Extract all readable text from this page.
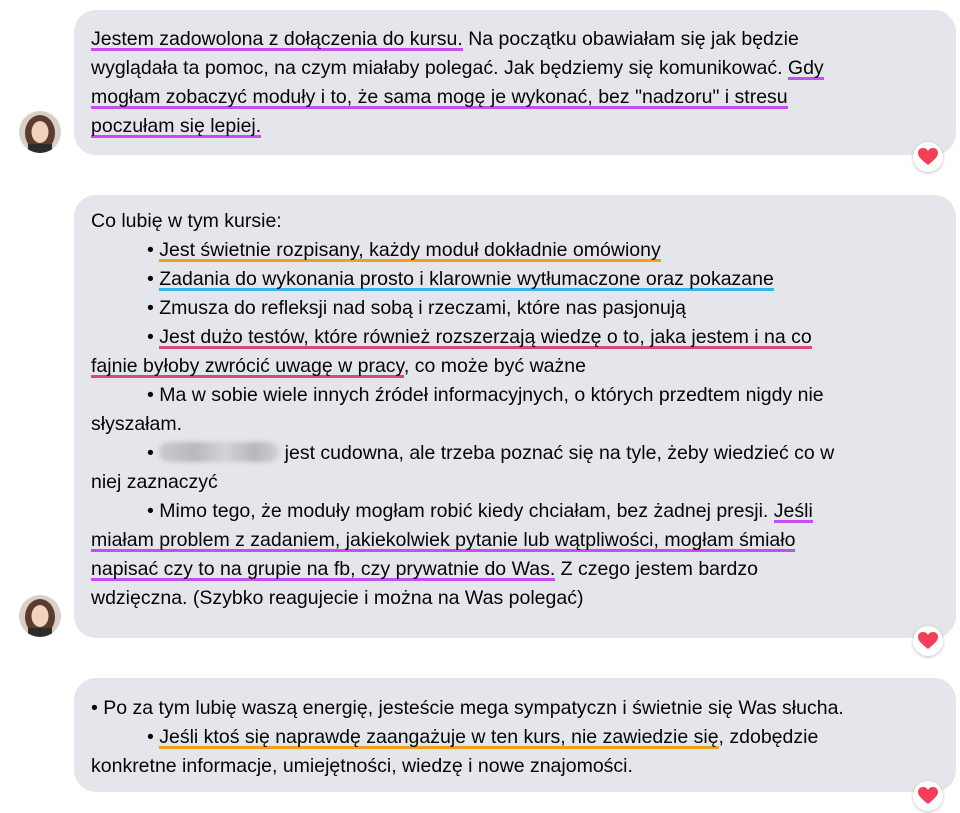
Jestem zadowolona z dołączenia do kursu. Na początku obawiałam się jak będzie
wyglądała ta pomoc, na czym miałaby polegać. Jak będziemy się komunikować. Gdy
mogłam zobaczyć moduły i to, że sama mogę je wykonać, bez "nadzoru" i stresu
poczułam się lepiej.
Co lubię w tym kursie:
• Jest świetnie rozpisany, każdy moduł dokładnie omówiony
• Zadania do wykonania prosto i klarownie wytłumaczone oraz pokazane
• Zmusza do refleksji nad sobą i rzeczami, które nas pasjonują
• Jest dużo testów, które również rozszerzają wiedzę o to, jaka jestem i na co
fajnie byłoby zwrócić uwagę w pracy, co może być ważne
• Ma w sobie wiele innych źródeł informacyjnych, o których przedtem nigdy nie
słyszałam.
•	jest cudowna, ale trzeba poznać się na tyle, żeby wiedzieć co w
niej zaznaczyć
• Mimo tego, że moduły mogłam robić kiedy chciałam, bez żadnej presji. Jeśli
miałam problem z zadaniem, jakiekolwiek pytanie lub wątpliwości, mogłam śmiało
napisać czy to na grupie na fb, czy prywatnie do Was. Z czego jestem bardzo
wdzięczna. (Szybko reagujecie i można na Was polegać)
• Po za tym lubię waszą energię, jesteście mega sympatyczn i świetnie się Was słucha.
• Jeśli ktoś się naprawdę zaangażuje w ten kurs, nie zawiedzie się, zdobędzie
konkretne informacje, umiejętności, wiedzę i nowe znajomości.
